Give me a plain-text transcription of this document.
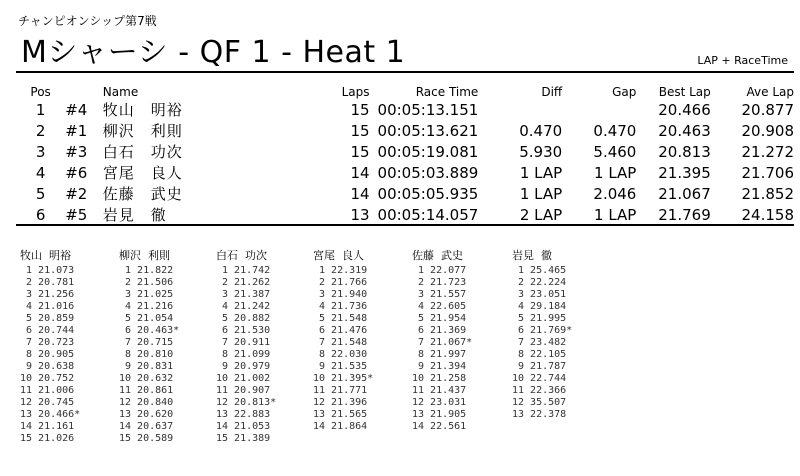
チャンピオンシップ第7戦
Mシャーシ - QF 1 - Heat 1	LAP + RaceTime
Pos		Name	Laps	Race Time	Diff	Gap	Best Lap	Ave Lap
1	#4	牧山　明裕	15	00:05:13.151			20.466	20.877
2	#1	柳沢　利則	15	00:05:13.621	0.470	0.470	20.463	20.908
3	#3	白石　功次	15	00:05:19.081	5.930	5.460	20.813	21.272
4	#6	宮尾　良人	14	00:05:03.889	1 LAP	1 LAP	21.395	21.706
5	#2	佐藤　武史	14	00:05:05.935	1 LAP	2.046	21.067	21.852
6	#5	岩見　徹	13	00:05:14.057	2 LAP	1 LAP	21.769	24.158
牧山  明裕
1 21.073
2 20.781
3 21.256
4 21.016
5 20.859
6 20.744
7 20.723
8 20.905
9 20.638
10 20.752
11 21.006
12 20.745
13 20.466*
14 21.161
15 21.026
柳沢  利則
1 21.822
2 21.506
3 21.025
4 21.216
5 21.054
6 20.463*
7 20.715
8 20.810
9 20.831
10 20.632
11 20.861
12 20.840
13 20.620
14 20.637
15 20.589
白石  功次
1 21.742
2 21.262
3 21.387
4 21.242
5 20.882
6 21.530
7 20.911
8 21.099
9 20.979
10 21.002
11 20.907
12 20.813*
13 22.883
14 21.053
15 21.389
宮尾  良人
1 22.319
2 21.766
3 21.940
4 21.736
5 21.548
6 21.476
7 21.548
8 22.030
9 21.535
10 21.395*
11 21.771
12 21.396
13 21.565
14 21.864
佐藤  武史
1 22.077
2 21.723
3 21.557
4 22.605
5 21.954
6 21.369
7 21.067*
8 21.997
9 21.394
10 21.258
11 21.437
12 23.031
13 21.905
14 22.561
岩見  徹
1 25.465
2 22.224
3 23.051
4 29.184
5 21.995
6 21.769*
7 23.482
8 22.105
9 21.787
10 22.744
11 22.366
12 35.507
13 22.378
